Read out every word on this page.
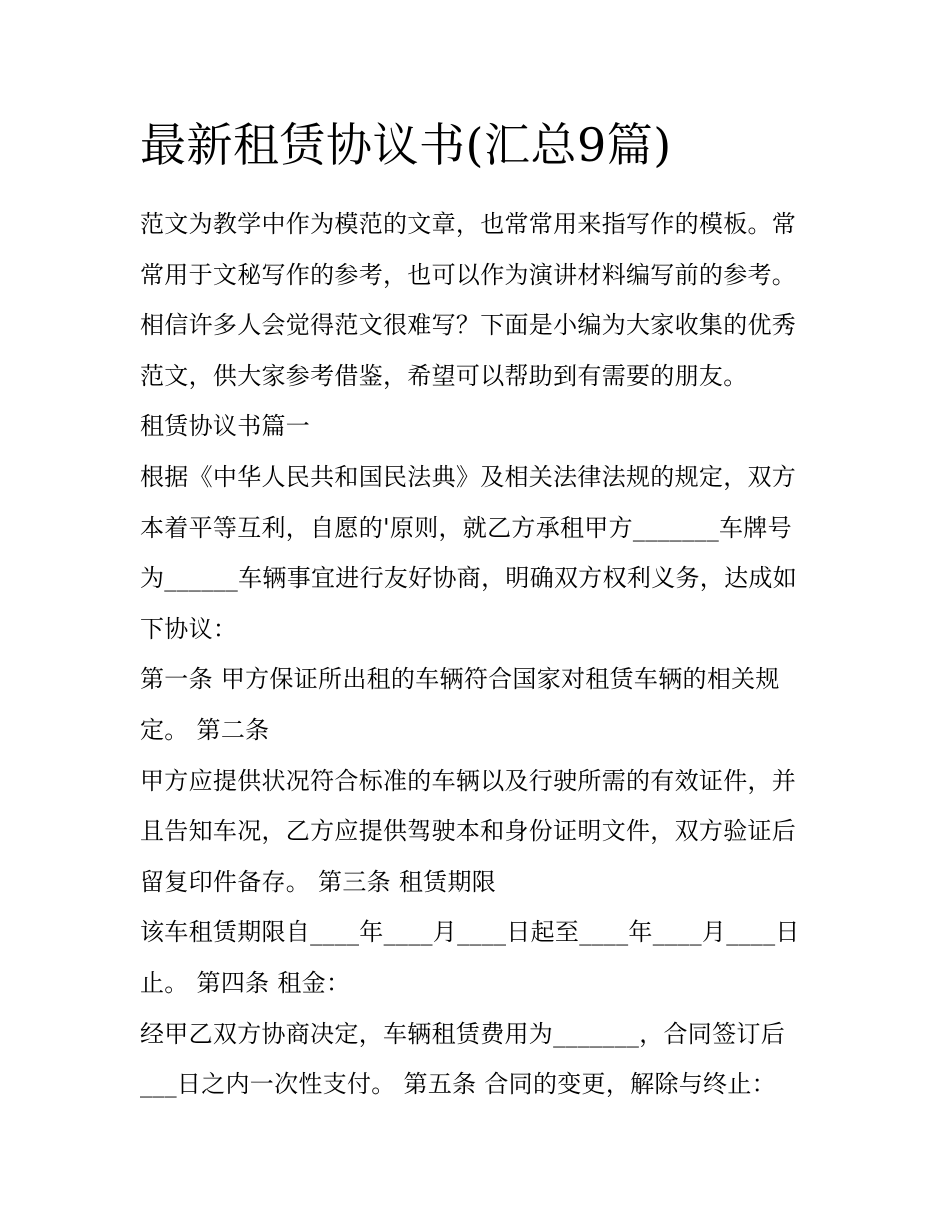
最新租赁协议书(汇总9篇)

范文为教学中作为模范的文章，也常常用来指写作的模板。常

常用于文秘写作的参考，也可以作为演讲材料编写前的参考。

相信许多人会觉得范文很难写？下面是小编为大家收集的优秀

范文，供大家参考借鉴，希望可以帮助到有需要的朋友。

租赁协议书篇一

根据《中华人民共和国民法典》及相关法律法规的规定，双方

本着平等互利，自愿的'原则，就乙方承租甲方_______车牌号

为______车辆事宜进行友好协商，明确双方权利义务，达成如

下协议：

第一条 甲方保证所出租的车辆符合国家对租赁车辆的相关规

定。 第二条

甲方应提供状况符合标准的车辆以及行驶所需的有效证件，并

且告知车况，乙方应提供驾驶本和身份证明文件，双方验证后

留复印件备存。 第三条 租赁期限

该车租赁期限自____年____月____日起至____年____月____日

止。 第四条 租金：

经甲乙双方协商决定，车辆租赁费用为_______，合同签订后

___日之内一次性支付。 第五条 合同的变更，解除与终止：
